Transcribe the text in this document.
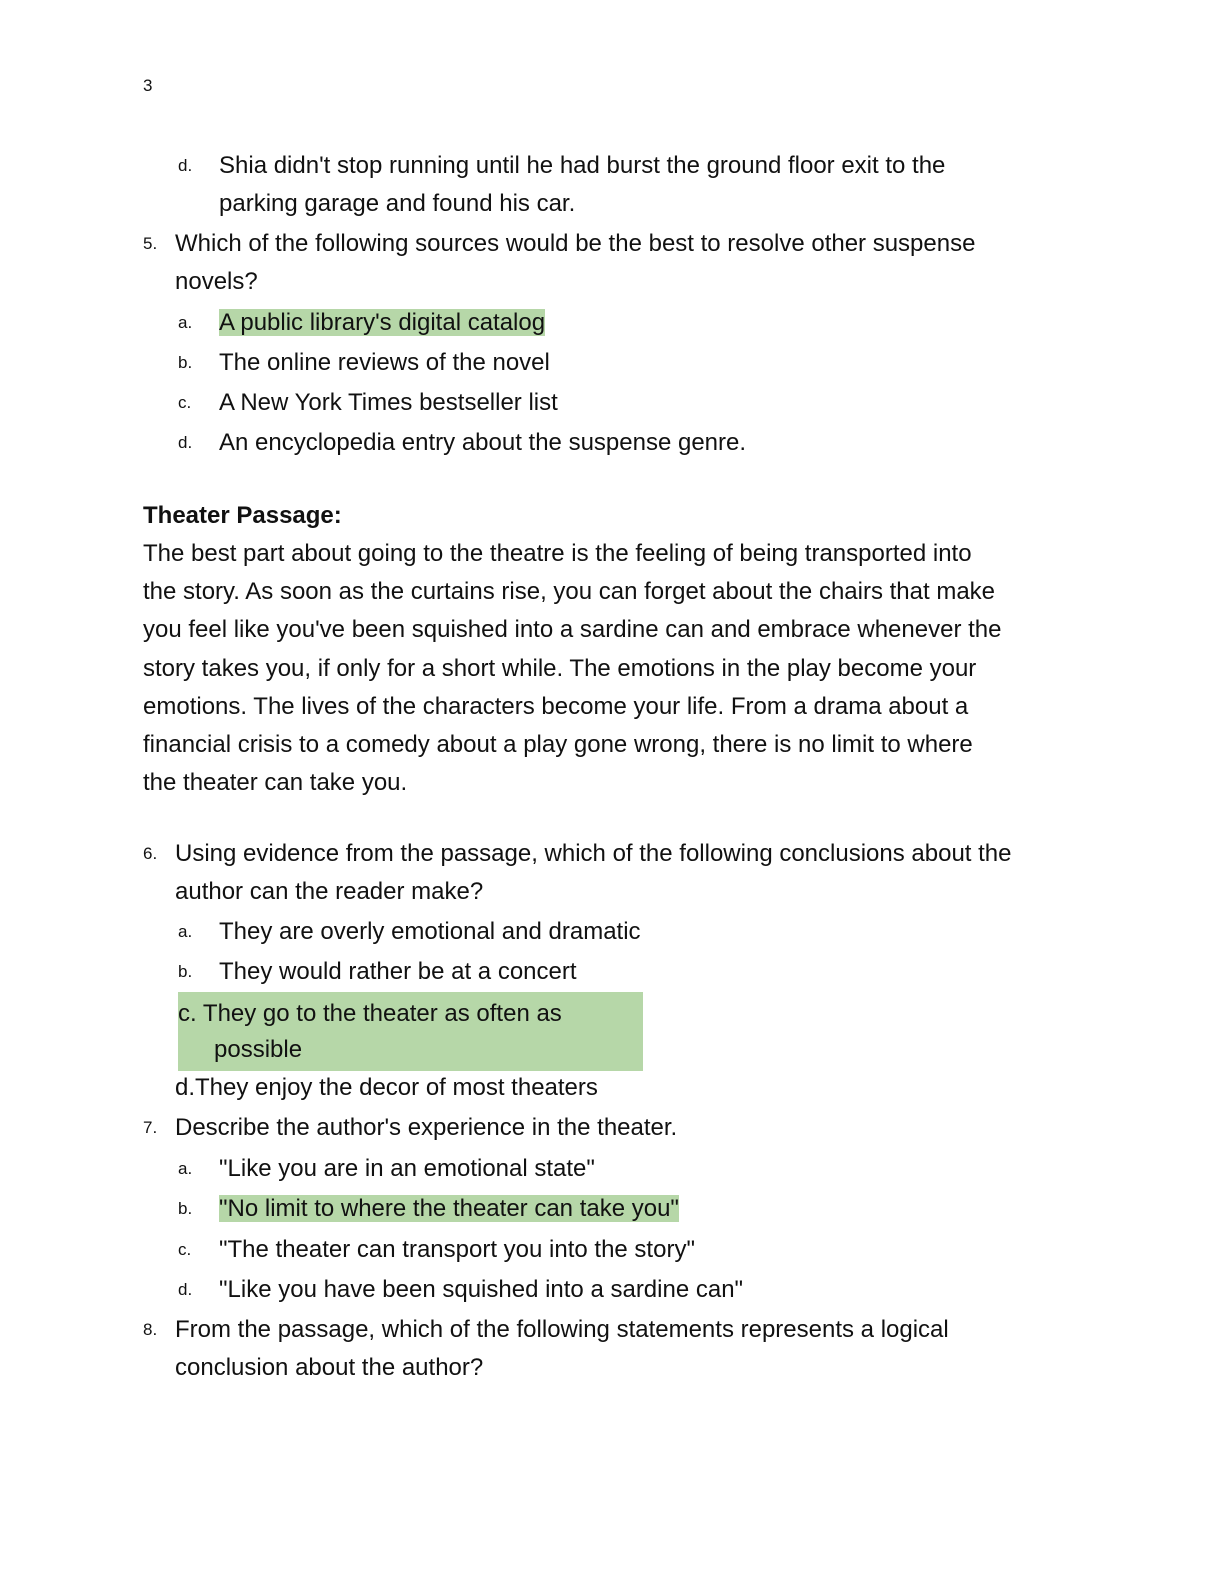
3
d. Shia didn't stop running until he had burst the ground floor exit to the
parking garage and found his car.
5. Which of the following sources would be the best to resolve other suspense
novels?
a. A public library's digital catalog
b. The online reviews of the novel
c. A New York Times bestseller list
d. An encyclopedia entry about the suspense genre.
Theater Passage:
The best part about going to the theatre is the feeling of being transported into
the story. As soon as the curtains rise, you can forget about the chairs that make
you feel like you've been squished into a sardine can and embrace whenever the
story takes you, if only for a short while. The emotions in the play become your
emotions. The lives of the characters become your life. From a drama about a
financial crisis to a comedy about a play gone wrong, there is no limit to where
the theater can take you.
6. Using evidence from the passage, which of the following conclusions about the
author can the reader make?
a. They are overly emotional and dramatic
b. They would rather be at a concert
c. They go to the theater as often as
possible
d.They enjoy the decor of most theaters
7. Describe the author's experience in the theater.
a. "Like you are in an emotional state"
b. "No limit to where the theater can take you"
c. "The theater can transport you into the story"
d. "Like you have been squished into a sardine can"
8. From the passage, which of the following statements represents a logical
conclusion about the author?
